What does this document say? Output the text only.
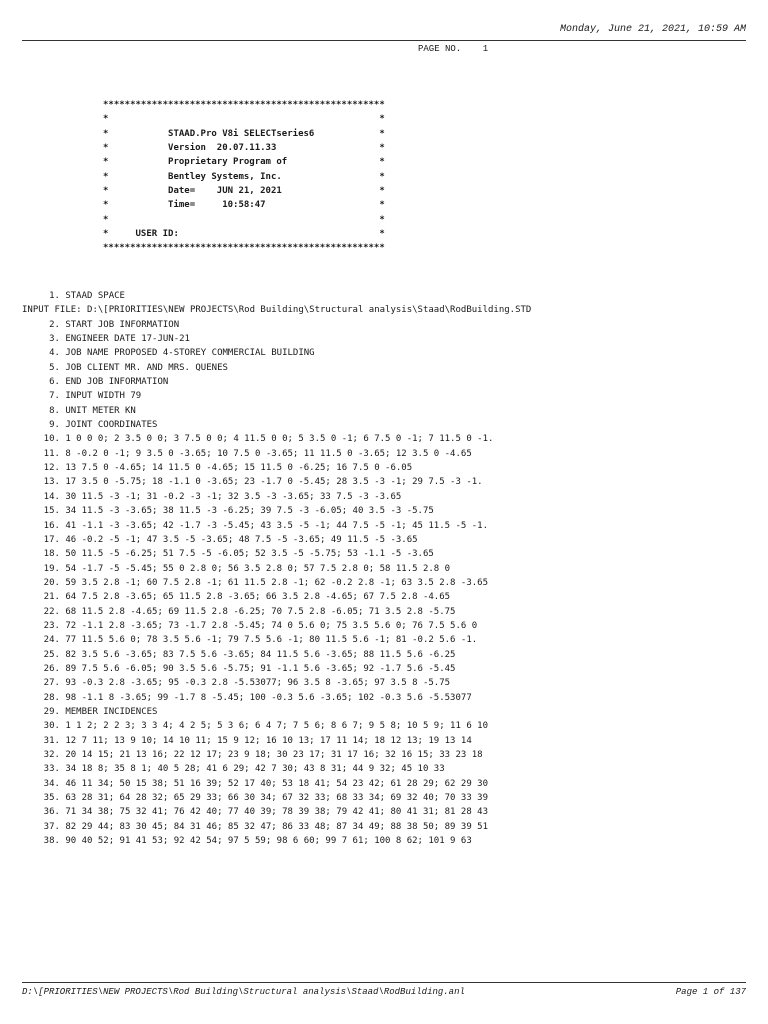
Monday, June 21, 2021, 10:59 AM
PAGE NO.    1
****************************************************
*                                                  *
*           STAAD.Pro V8i SELECTseries6            *
*           Version  20.07.11.33                   *
*           Proprietary Program of                 *
*           Bentley Systems, Inc.                  *
*           Date=    JUN 21, 2021                  *
*           Time=     10:58:47                     *
*                                                  *
*     USER ID:                                     *
****************************************************
1. STAAD SPACE
INPUT FILE: D:\[PRIORITIES\NEW PROJECTS\Rod Building\Structural analysis\Staad\RodBuilding.STD
2. START JOB INFORMATION
3. ENGINEER DATE 17-JUN-21
4. JOB NAME PROPOSED 4-STOREY COMMERCIAL BUILDING
5. JOB CLIENT MR. AND MRS. QUENES
6. END JOB INFORMATION
7. INPUT WIDTH 79
8. UNIT METER KN
9. JOINT COORDINATES
10. 1 0 0 0; 2 3.5 0 0; 3 7.5 0 0; 4 11.5 0 0; 5 3.5 0 -1; 6 7.5 0 -1; 7 11.5 0 -1.
11. 8 -0.2 0 -1; 9 3.5 0 -3.65; 10 7.5 0 -3.65; 11 11.5 0 -3.65; 12 3.5 0 -4.65
12. 13 7.5 0 -4.65; 14 11.5 0 -4.65; 15 11.5 0 -6.25; 16 7.5 0 -6.05
13. 17 3.5 0 -5.75; 18 -1.1 0 -3.65; 23 -1.7 0 -5.45; 28 3.5 -3 -1; 29 7.5 -3 -1.
14. 30 11.5 -3 -1; 31 -0.2 -3 -1; 32 3.5 -3 -3.65; 33 7.5 -3 -3.65
15. 34 11.5 -3 -3.65; 38 11.5 -3 -6.25; 39 7.5 -3 -6.05; 40 3.5 -3 -5.75
16. 41 -1.1 -3 -3.65; 42 -1.7 -3 -5.45; 43 3.5 -5 -1; 44 7.5 -5 -1; 45 11.5 -5 -1.
17. 46 -0.2 -5 -1; 47 3.5 -5 -3.65; 48 7.5 -5 -3.65; 49 11.5 -5 -3.65
18. 50 11.5 -5 -6.25; 51 7.5 -5 -6.05; 52 3.5 -5 -5.75; 53 -1.1 -5 -3.65
19. 54 -1.7 -5 -5.45; 55 0 2.8 0; 56 3.5 2.8 0; 57 7.5 2.8 0; 58 11.5 2.8 0
20. 59 3.5 2.8 -1; 60 7.5 2.8 -1; 61 11.5 2.8 -1; 62 -0.2 2.8 -1; 63 3.5 2.8 -3.65
21. 64 7.5 2.8 -3.65; 65 11.5 2.8 -3.65; 66 3.5 2.8 -4.65; 67 7.5 2.8 -4.65
22. 68 11.5 2.8 -4.65; 69 11.5 2.8 -6.25; 70 7.5 2.8 -6.05; 71 3.5 2.8 -5.75
23. 72 -1.1 2.8 -3.65; 73 -1.7 2.8 -5.45; 74 0 5.6 0; 75 3.5 5.6 0; 76 7.5 5.6 0
24. 77 11.5 5.6 0; 78 3.5 5.6 -1; 79 7.5 5.6 -1; 80 11.5 5.6 -1; 81 -0.2 5.6 -1.
25. 82 3.5 5.6 -3.65; 83 7.5 5.6 -3.65; 84 11.5 5.6 -3.65; 88 11.5 5.6 -6.25
26. 89 7.5 5.6 -6.05; 90 3.5 5.6 -5.75; 91 -1.1 5.6 -3.65; 92 -1.7 5.6 -5.45
27. 93 -0.3 2.8 -3.65; 95 -0.3 2.8 -5.53077; 96 3.5 8 -3.65; 97 3.5 8 -5.75
28. 98 -1.1 8 -3.65; 99 -1.7 8 -5.45; 100 -0.3 5.6 -3.65; 102 -0.3 5.6 -5.53077
29. MEMBER INCIDENCES
30. 1 1 2; 2 2 3; 3 3 4; 4 2 5; 5 3 6; 6 4 7; 7 5 6; 8 6 7; 9 5 8; 10 5 9; 11 6 10
31. 12 7 11; 13 9 10; 14 10 11; 15 9 12; 16 10 13; 17 11 14; 18 12 13; 19 13 14
32. 20 14 15; 21 13 16; 22 12 17; 23 9 18; 30 23 17; 31 17 16; 32 16 15; 33 23 18
33. 34 18 8; 35 8 1; 40 5 28; 41 6 29; 42 7 30; 43 8 31; 44 9 32; 45 10 33
34. 46 11 34; 50 15 38; 51 16 39; 52 17 40; 53 18 41; 54 23 42; 61 28 29; 62 29 30
35. 63 28 31; 64 28 32; 65 29 33; 66 30 34; 67 32 33; 68 33 34; 69 32 40; 70 33 39
36. 71 34 38; 75 32 41; 76 42 40; 77 40 39; 78 39 38; 79 42 41; 80 41 31; 81 28 43
37. 82 29 44; 83 30 45; 84 31 46; 85 32 47; 86 33 48; 87 34 49; 88 38 50; 89 39 51
38. 90 40 52; 91 41 53; 92 42 54; 97 5 59; 98 6 60; 99 7 61; 100 8 62; 101 9 63
D:\[PRIORITIES\NEW PROJECTS\Rod Building\Structural analysis\Staad\RodBuilding.anl	Page 1 of 137
